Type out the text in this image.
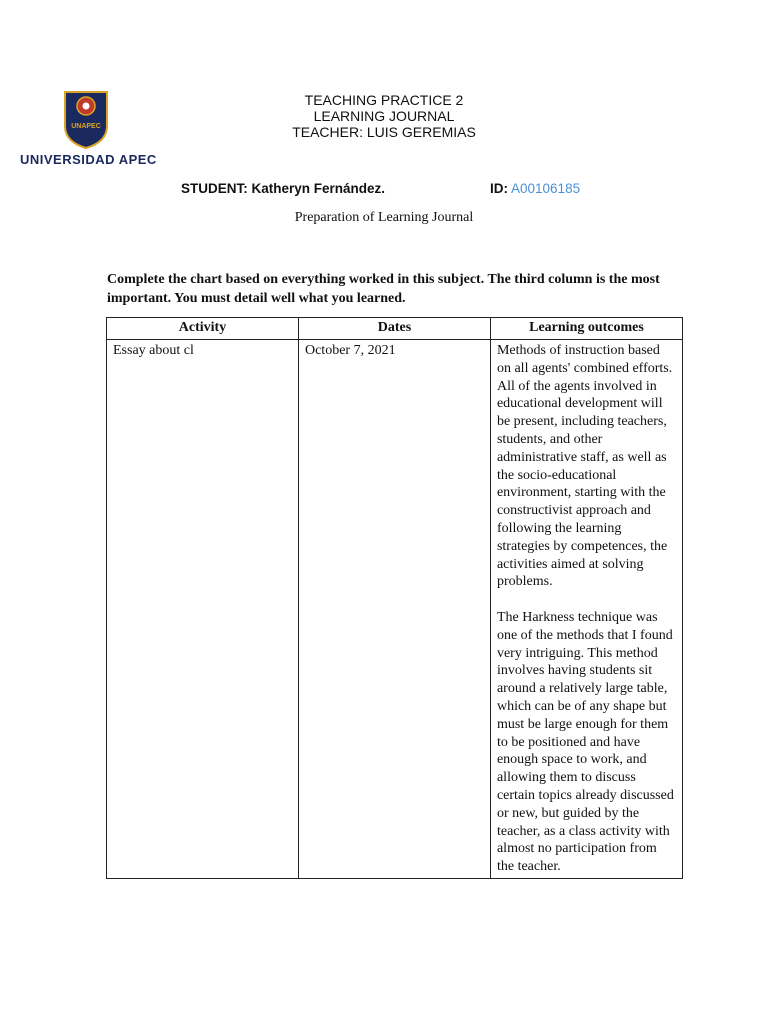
UNAPEC
UNIVERSIDAD APEC
TEACHING PRACTICE 2
LEARNING JOURNAL
TEACHER: LUIS GEREMIAS
STUDENT: Katheryn Fernández.	ID: A00106185
Preparation of Learning Journal
Complete the chart based on everything worked in this subject. The third column is the most important. You must detail well what you learned.
Activity	Dates	Learning outcomes
Essay about cl	October 7, 2021	Methods of instruction based on all agents' combined efforts. All of the agents involved in educational development will be present, including teachers, students, and other administrative staff, as well as the socio-educational environment, starting with the constructivist approach and following the learning strategies by competences, the activities aimed at solving problems.

The Harkness technique was one of the methods that I found very intriguing. This method involves having students sit around a relatively large table, which can be of any shape but must be large enough for them to be positioned and have enough space to work, and allowing them to discuss certain topics already discussed or new, but guided by the teacher, as a class activity with almost no participation from the teacher.
